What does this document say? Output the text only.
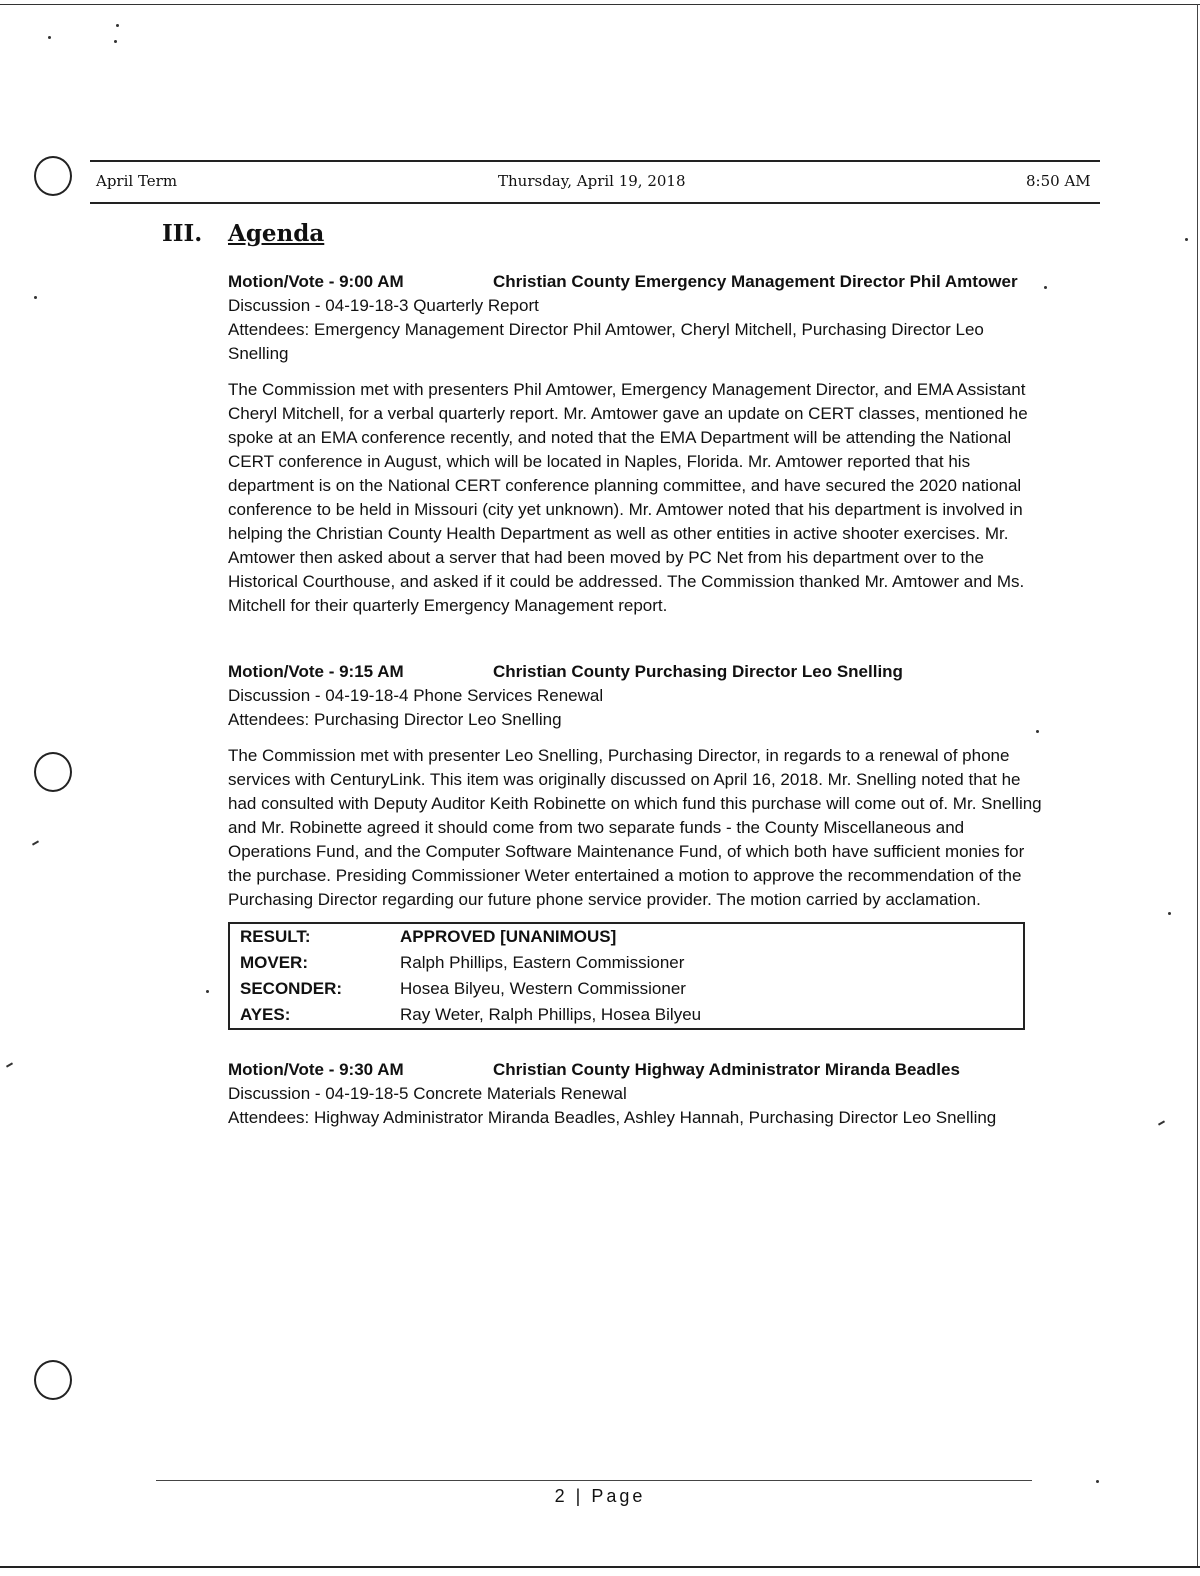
April Term	Thursday, April 19, 2018	8:50 AM
III. Agenda
Motion/Vote - 9:00 AM	Christian County Emergency Management Director Phil Amtower
Discussion - 04-19-18-3 Quarterly Report
Attendees: Emergency Management Director Phil Amtower, Cheryl Mitchell, Purchasing Director Leo Snelling
The Commission met with presenters Phil Amtower, Emergency Management Director, and EMA Assistant Cheryl Mitchell, for a verbal quarterly report. Mr. Amtower gave an update on CERT classes, mentioned he spoke at an EMA conference recently, and noted that the EMA Department will be attending the National CERT conference in August, which will be located in Naples, Florida. Mr. Amtower reported that his department is on the National CERT conference planning committee, and have secured the 2020 national conference to be held in Missouri (city yet unknown). Mr. Amtower noted that his department is involved in helping the Christian County Health Department as well as other entities in active shooter exercises. Mr. Amtower then asked about a server that had been moved by PC Net from his department over to the Historical Courthouse, and asked if it could be addressed. The Commission thanked Mr. Amtower and Ms. Mitchell for their quarterly Emergency Management report.
Motion/Vote - 9:15 AM	Christian County Purchasing Director Leo Snelling
Discussion - 04-19-18-4 Phone Services Renewal
Attendees: Purchasing Director Leo Snelling
The Commission met with presenter Leo Snelling, Purchasing Director, in regards to a renewal of phone services with CenturyLink. This item was originally discussed on April 16, 2018. Mr. Snelling noted that he had consulted with Deputy Auditor Keith Robinette on which fund this purchase will come out of. Mr. Snelling and Mr. Robinette agreed it should come from two separate funds - the County Miscellaneous and Operations Fund, and the Computer Software Maintenance Fund, of which both have sufficient monies for the purchase. Presiding Commissioner Weter entertained a motion to approve the recommendation of the Purchasing Director regarding our future phone service provider. The motion carried by acclamation.
RESULT:	APPROVED [UNANIMOUS]
MOVER:	Ralph Phillips, Eastern Commissioner
SECONDER:	Hosea Bilyeu, Western Commissioner
AYES:	Ray Weter, Ralph Phillips, Hosea Bilyeu
Motion/Vote - 9:30 AM	Christian County Highway Administrator Miranda Beadles
Discussion - 04-19-18-5 Concrete Materials Renewal
Attendees: Highway Administrator Miranda Beadles, Ashley Hannah, Purchasing Director Leo Snelling
2 | Page
